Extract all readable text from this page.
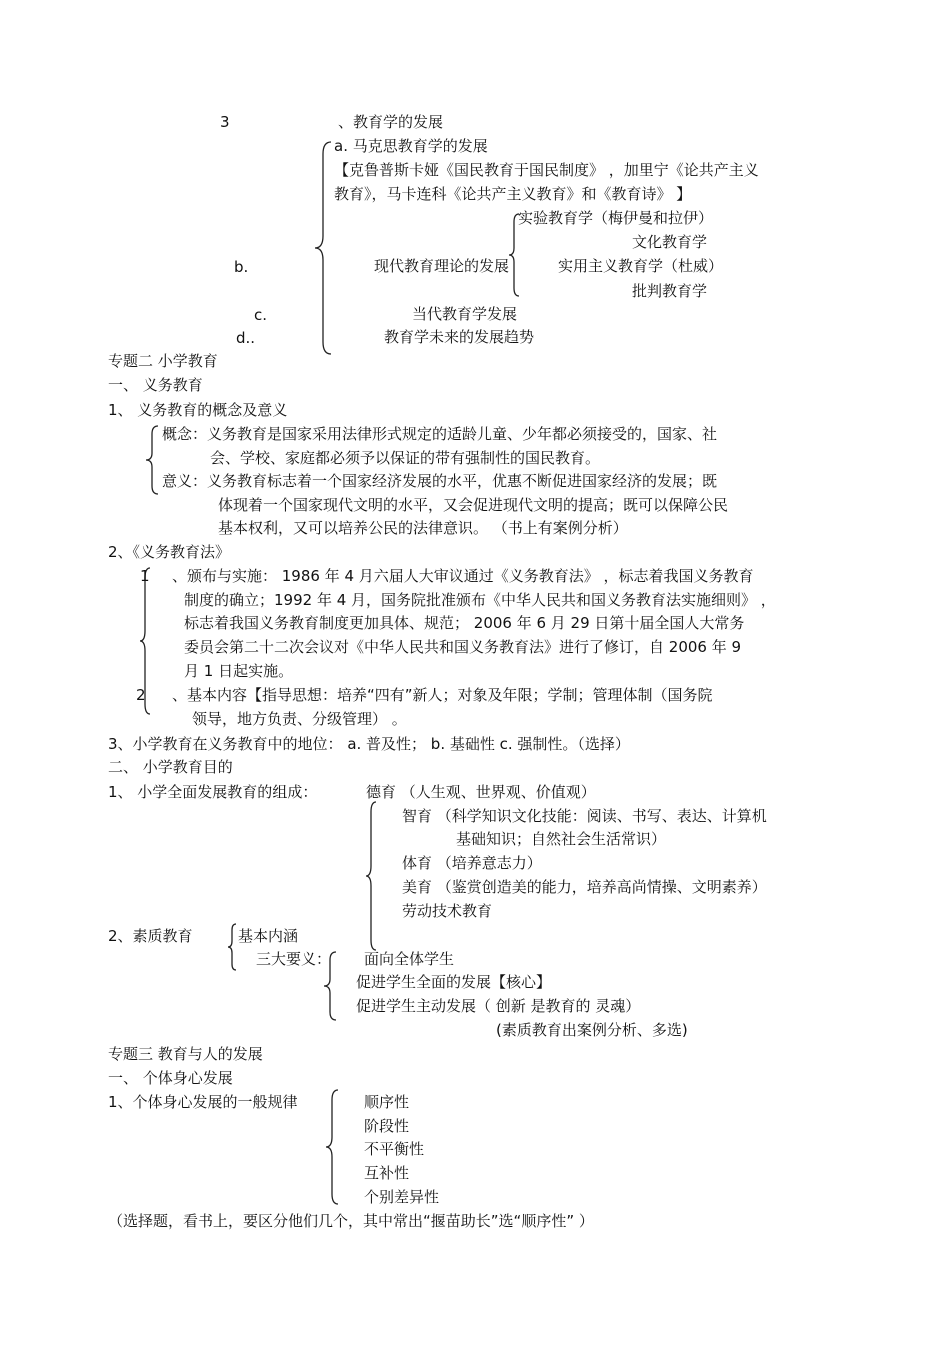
3	、教育学的发展
a. 马克思教育学的发展
【克鲁普斯卡娅《国民教育于国民制度》 ，加里宁《论共产主义
教育》，马卡连科《论共产主义教育》和《教育诗》 】
实验教育学（梅伊曼和拉伊）
文化教育学
b.	现代教育理论的发展	实用主义教育学（杜威）
批判教育学
c.	当代教育学发展
d..	教育学未来的发展趋势
专题二 小学教育
一、 义务教育
1、 义务教育的概念及意义
概念：义务教育是国家采用法律形式规定的适龄儿童、少年都必须接受的，国家、社
会、学校、家庭都必须予以保证的带有强制性的国民教育。
意义：义务教育标志着一个国家经济发展的水平，优惠不断促进国家经济的发展；既
体现着一个国家现代文明的水平，又会促进现代文明的提高；既可以保障公民
基本权利，又可以培养公民的法律意识。 （书上有案例分析）
2、《义务教育法》
1 、颁布与实施： 1986 年 4 月六届人大审议通过《义务教育法》 ，标志着我国义务教育
制度的确立；1992 年 4 月，国务院批准颁布《中华人民共和国义务教育法实施细则》 ，
标志着我国义务教育制度更加具体、规范； 2006 年 6 月 29 日第十届全国人大常务
委员会第二十二次会议对《中华人民共和国义务教育法》进行了修订，自 2006 年 9
月 1 日起实施。
2 、基本内容【指导思想：培养“四有”新人；对象及年限；学制；管理体制（国务院
领导，地方负责、分级管理） 。
3、小学教育在义务教育中的地位： a. 普及性； b. 基础性 c. 强制性。（选择）
二、 小学教育目的
1、 小学全面发展教育的组成：	德育 （人生观、世界观、价值观）
智育 （科学知识文化技能：阅读、书写、表达、计算机
基础知识；自然社会生活常识）
体育 （培养意志力）
美育 （鉴赏创造美的能力，培养高尚情操、文明素养）
劳动技术教育
2、素质教育	基本内涵
三大要义： 面向全体学生
促进学生全面的发展【核心】
促进学生主动发展（ 创新 是教育的 灵魂）
(素质教育出案例分析、多选)
专题三 教育与人的发展
一、 个体身心发展
1、个体身心发展的一般规律	顺序性
阶段性
不平衡性
互补性
个别差异性
（选择题，看书上，要区分他们几个，其中常出“揠苗助长”选“顺序性” ）
